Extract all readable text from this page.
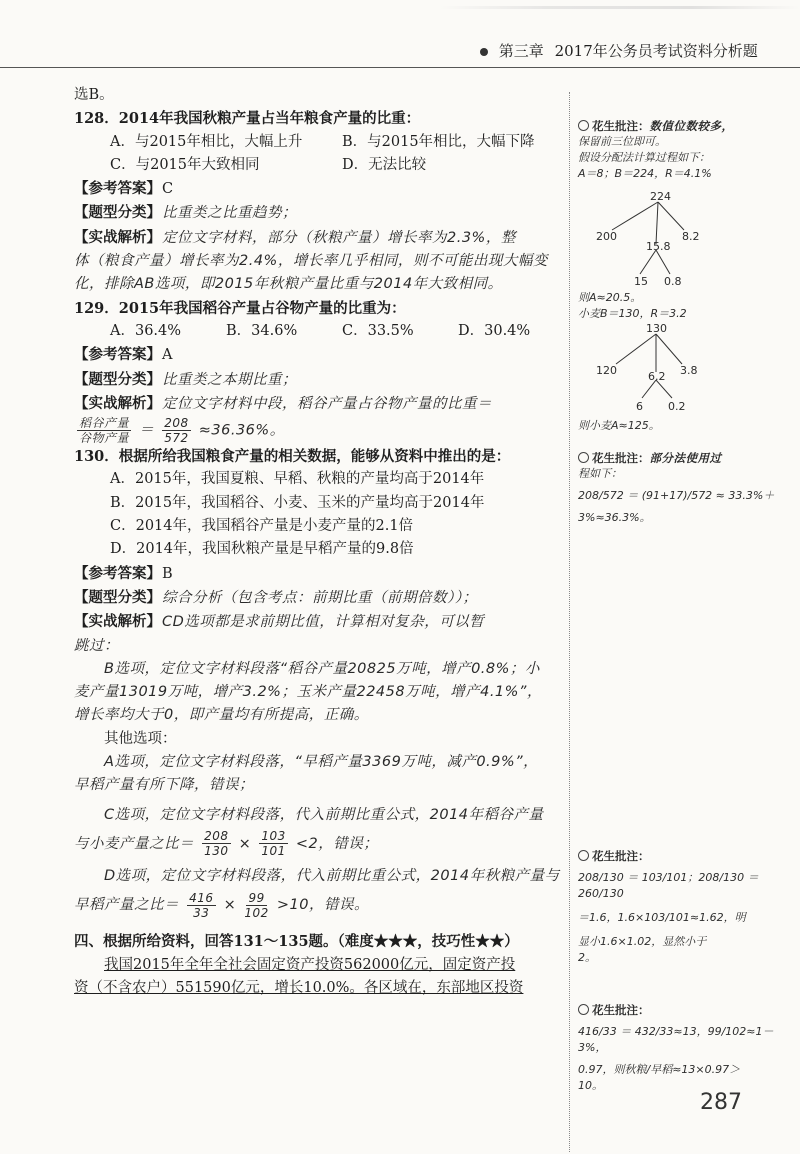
第三章 2017年公务员考试资料分析题

选B。

128．2014年我国秋粮产量占当年粮食产量的比重：

A．与2015年相比，大幅上升	B．与2015年相比，大幅下降
C．与2015年大致相同	D．无法比较

【参考答案】C

【题型分类】比重类之比重趋势；

【实战解析】定位文字材料，部分（秋粮产量）增长率为2.3%，整

体（粮食产量）增长率为2.4%，增长率几乎相同，则不可能出现大幅变

化，排除AB选项，即2015年秋粮产量比重与2014年大致相同。

129．2015年我国稻谷产量占谷物产量的比重为：

A．36.4%	B．34.6%	C．33.5%	D．30.4%

【参考答案】A

【题型分类】比重类之本期比重；

【实战解析】定位文字材料中段，稻谷产量占谷物产量的比重＝

$\frac{\text{稻谷产量}}{\text{谷物产量}} = \frac{208}{572} \approx 36.36\%$。

130．根据所给我国粮食产量的相关数据，能够从资料中推出的是：

A．2015年，我国夏粮、早稻、秋粮的产量均高于2014年

B．2015年，我国稻谷、小麦、玉米的产量均高于2014年

C．2014年，我国稻谷产量是小麦产量的2.1倍

D．2014年，我国秋粮产量是早稻产量的9.8倍

【参考答案】B

【题型分类】综合分析（包含考点：前期比重（前期倍数））；

【实战解析】CD选项都是求前期比值，计算相对复杂，可以暂

跳过：

B选项，定位文字材料段落“稻谷产量20825万吨，增产0.8%；小

麦产量13019万吨，增产3.2%；玉米产量22458万吨，增产4.1%”，

增长率均大于0，即产量均有所提高，正确。

其他选项：

A选项，定位文字材料段落，“早稻产量3369万吨，减产0.9%”，

早稻产量有所下降，错误；

C选项，定位文字材料段落，代入前期比重公式，2014年稻谷产量

与小麦产量之比＝ $\frac{208}{130} \times \frac{103}{101} <2$，错误；

D选项，定位文字材料段落，代入前期比重公式，2014年秋粮产量与

早稻产量之比＝ $\frac{416}{33} \times \frac{99}{102} >10$，错误。

四、根据所给资料，回答131～135题。（难度★★★，技巧性★★）

我国2015年全年全社会固定资产投资562000亿元，固定资产投

资（不含农户）551590亿元，增长10.0%。各区域在，东部地区投资

花生批注：数值位数较多，
保留前三位即可。
假设分配法计算过程如下：
A＝8；B＝224，R＝4.1%
224
200	8.2
15.8
15 0.8
则A≈20.5。
小麦B＝130，R＝3.2
130
120	3.8
6.2
6 0.2
则小麦A≈125。
花生批注：部分法使用过
程如下：
208/572 ＝ (91+17)/572 ≈ 33.3%＋
3%≈36.3%。
花生批注：
208/130 ＝ 103/101；208/130 ＝ 260/130
＝1.6，1.6×103/101≈1.62，明
显小1.6×1.02，显然小于
2。
花生批注：
416/33 ＝ 432/33≈13，99/102≈1－3%，
0.97，则秋粮/早稻≈13×0.97＞
10。
287
